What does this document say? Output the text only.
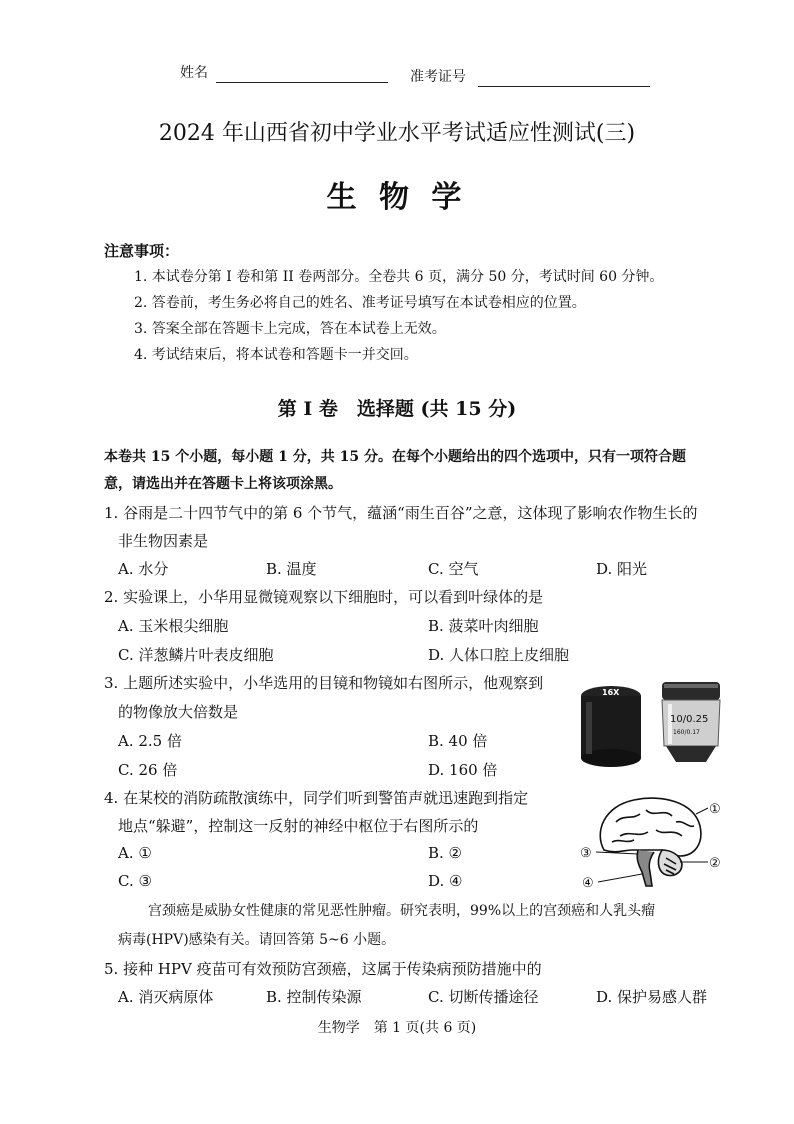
姓名	准考证号
2024 年山西省初中学业水平考试适应性测试(三)
生 物 学
注意事项：
1. 本试卷分第 I 卷和第 II 卷两部分。全卷共 6 页，满分 50 分，考试时间 60 分钟。
2. 答卷前，考生务必将自己的姓名、准考证号填写在本试卷相应的位置。
3. 答案全部在答题卡上完成，答在本试卷上无效。
4. 考试结束后，将本试卷和答题卡一并交回。
第 I 卷　选择题 (共 15 分)
本卷共 15 个小题，每小题 1 分，共 15 分。在每个小题给出的四个选项中，只有一项符合题
意，请选出并在答题卡上将该项涂黑。
1. 谷雨是二十四节气中的第 6 个节气，蕴涵“雨生百谷”之意，这体现了影响农作物生长的
非生物因素是
A. 水分	B. 温度	C. 空气	D. 阳光
2. 实验课上，小华用显微镜观察以下细胞时，可以看到叶绿体的是
A. 玉米根尖细胞	B. 菠菜叶肉细胞
C. 洋葱鳞片叶表皮细胞	D. 人体口腔上皮细胞
3. 上题所述实验中，小华选用的目镜和物镜如右图所示，他观察到
的物像放大倍数是
A. 2.5 倍	B. 40 倍
C. 26 倍	D. 160 倍
16X
10/0.25
160/0.17
4. 在某校的消防疏散演练中，同学们听到警笛声就迅速跑到指定
地点“躲避”，控制这一反射的神经中枢位于右图所示的
A. ①	B. ②
C. ③	D. ④
①
②
③
④
宫颈癌是威胁女性健康的常见恶性肿瘤。研究表明，99%以上的宫颈癌和人乳头瘤
病毒(HPV)感染有关。请回答第 5~6 小题。
5. 接种 HPV 疫苗可有效预防宫颈癌，这属于传染病预防措施中的
A. 消灭病原体	B. 控制传染源	C. 切断传播途径	D. 保护易感人群
生物学　第 1 页(共 6 页)
